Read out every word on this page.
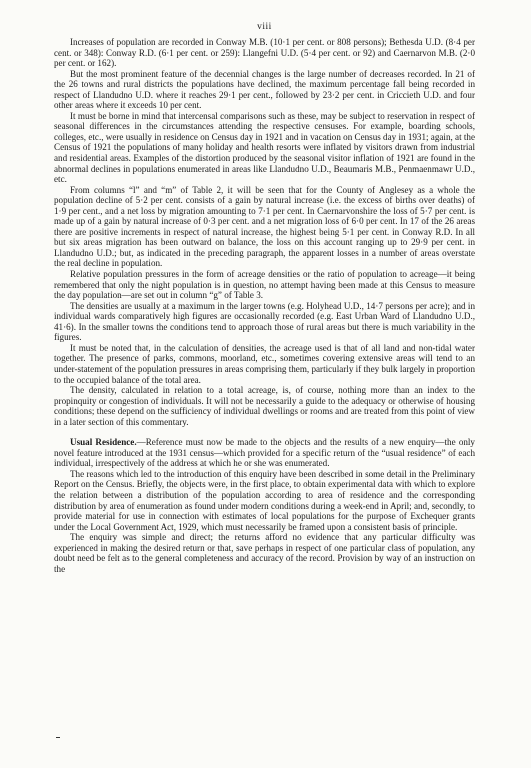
viii

Increases of population are recorded in Conway M.B. (10·1 per cent. or 808 persons); Bethesda U.D. (8·4 per cent. or 348): Conway R.D. (6·1 per cent. or 259): Llangefni U.D. (5·4 per cent. or 92) and Caernarvon M.B. (2·0 per cent. or 162).

But the most prominent feature of the decennial changes is the large number of decreases recorded. In 21 of the 26 towns and rural districts the populations have declined, the maximum percentage fall being recorded in respect of Llandudno U.D. where it reaches 29·1 per cent., followed by 23·2 per cent. in Criccieth U.D. and four other areas where it exceeds 10 per cent.

It must be borne in mind that intercensal comparisons such as these, may be subject to reservation in respect of seasonal differences in the circumstances attending the respective censuses. For example, boarding schools, colleges, etc., were usually in residence on Census day in 1921 and in vacation on Census day in 1931; again, at the Census of 1921 the populations of many holiday and health resorts were inflated by visitors drawn from industrial and residential areas. Examples of the distortion produced by the seasonal visitor inflation of 1921 are found in the abnormal declines in populations enumerated in areas like Llandudno U.D., Beaumaris M.B., Penmaenmawr U.D., etc.

From columns “l” and “m” of Table 2, it will be seen that for the County of Anglesey as a whole the population decline of 5·2 per cent. consists of a gain by natural increase (i.e. the excess of births over deaths) of 1·9 per cent., and a net loss by migration amounting to 7·1 per cent. In Caernarvonshire the loss of 5·7 per cent. is made up of a gain by natural increase of 0·3 per cent. and a net migration loss of 6·0 per cent. In 17 of the 26 areas there are positive increments in respect of natural increase, the highest being 5·1 per cent. in Conway R.D. In all but six areas migration has been outward on balance, the loss on this account ranging up to 29·9 per cent. in Llandudno U.D.; but, as indicated in the preceding paragraph, the apparent losses in a number of areas overstate the real decline in population.

Relative population pressures in the form of acreage densities or the ratio of population to acreage—it being remembered that only the night population is in question, no attempt having been made at this Census to measure the day population—are set out in column “g” of Table 3.

The densities are usually at a maximum in the larger towns (e.g. Holyhead U.D., 14·7 persons per acre); and in individual wards comparatively high figures are occasionally recorded (e.g. East Urban Ward of Llandudno U.D., 41·6). In the smaller towns the conditions tend to approach those of rural areas but there is much variability in the figures.

It must be noted that, in the calculation of densities, the acreage used is that of all land and non-tidal water together. The presence of parks, commons, moorland, etc., sometimes covering extensive areas will tend to an under-statement of the population pressures in areas comprising them, particularly if they bulk largely in proportion to the occupied balance of the total area.

The density, calculated in relation to a total acreage, is, of course, nothing more than an index to the propinquity or congestion of individuals. It will not be necessarily a guide to the adequacy or otherwise of housing conditions; these depend on the sufficiency of individual dwellings or rooms and are treated from this point of view in a later section of this commentary.

Usual Residence.—Reference must now be made to the objects and the results of a new enquiry—the only novel feature introduced at the 1931 census—which provided for a specific return of the “usual residence” of each individual, irrespectively of the address at which he or she was enumerated.

The reasons which led to the introduction of this enquiry have been described in some detail in the Preliminary Report on the Census. Briefly, the objects were, in the first place, to obtain experimental data with which to explore the relation between a distribution of the population according to area of residence and the corresponding distribution by area of enumeration as found under modern conditions during a week-end in April; and, secondly, to provide material for use in connection with estimates of local populations for the purpose of Exchequer grants under the Local Government Act, 1929, which must necessarily be framed upon a consistent basis of principle.

The enquiry was simple and direct; the returns afford no evidence that any particular difficulty was experienced in making the desired return or that, save perhaps in respect of one particular class of population, any doubt need be felt as to the general completeness and accuracy of the record. Provision by way of an instruction on the
